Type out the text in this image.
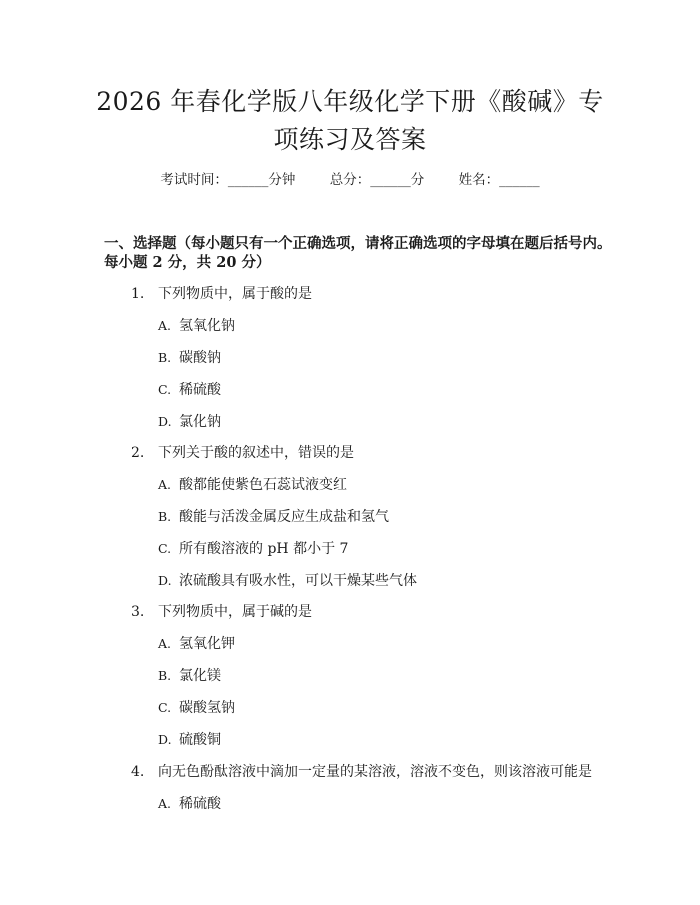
2026 年春化学版八年级化学下册《酸碱》专
项练习及答案
考试时间：______分钟	总分：______分	姓名：______
一、选择题（每小题只有一个正确选项，请将正确选项的字母填在题后括号内。
每小题 2 分，共 20 分）
1. 下列物质中，属于酸的是
A. 氢氧化钠
B. 碳酸钠
C. 稀硫酸
D. 氯化钠
2. 下列关于酸的叙述中，错误的是
A. 酸都能使紫色石蕊试液变红
B. 酸能与活泼金属反应生成盐和氢气
C. 所有酸溶液的 pH 都小于 7
D. 浓硫酸具有吸水性，可以干燥某些气体
3. 下列物质中，属于碱的是
A. 氢氧化钾
B. 氯化镁
C. 碳酸氢钠
D. 硫酸铜
4. 向无色酚酞溶液中滴加一定量的某溶液，溶液不变色，则该溶液可能是
A. 稀硫酸
